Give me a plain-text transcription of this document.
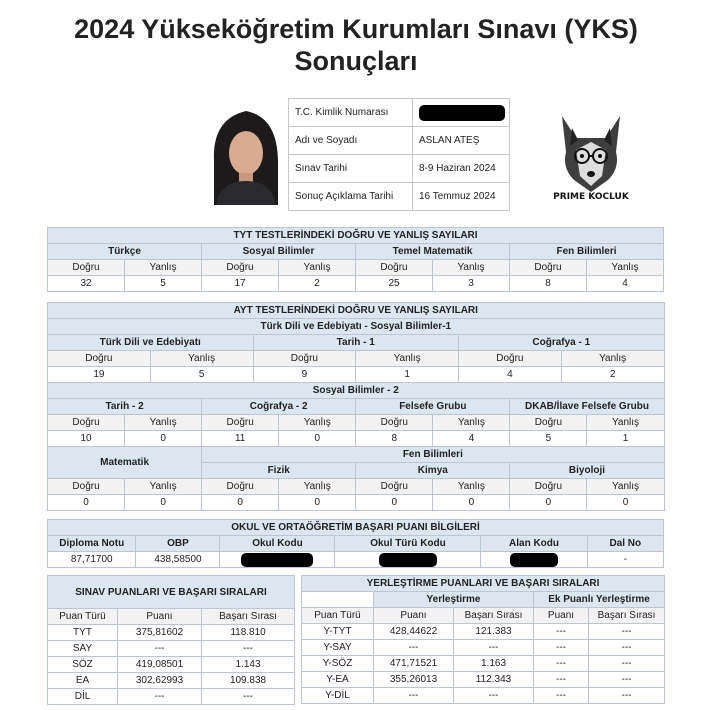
2024 Yükseköğretim Kurumları Sınavı (YKS)
Sonuçları
T.C. Kimlik Numarası	
Adı ve Soyadı	ASLAN ATEŞ
Sınav Tarihi	8-9 Haziran 2024
Sonuç Açıklama Tarihi	16 Temmuz 2024	PRIME KOCLUK
TYT TESTLERİNDEKİ DOĞRU VE YANLIŞ SAYILARI							
Türkçe		Sosyal Bilimler		Temel Matematik		Fen Bilimleri	
Doğru	Yanlış	Doğru	Yanlış	Doğru	Yanlış	Doğru	Yanlış
32	5	17	2	25	3	8	4
AYT TESTLERİNDEKİ DOĞRU VE YANLIŞ SAYILARI											
Türk Dili ve Edebiyatı - Sosyal Bilimler-1											
Türk Dili ve Edebiyatı				Tarih - 1				Coğrafya - 1			
Doğru		Yanlış		Doğru		Yanlış		Doğru		Yanlış	
19		5		9		1		4		2	
Sosyal Bilimler - 2											
Tarih - 2			Coğrafya - 2			Felsefe Grubu			DKAB/İlave Felsefe Grubu		
Doğru	Yanlış		Doğru		Yanlış	Doğru	Yanlış		Doğru		Yanlış
10	0		11		0	8	4		5		1
Matematik			Fen Bilimleri								
			Fizik			Kimya			Biyoloji		
Doğru	Yanlış		Doğru		Yanlış	Doğru	Yanlış		Doğru		Yanlış
0	0		0		0	0	0		0		0
OKUL VE ORTAÖĞRETİM BAŞARI PUANI BİLGİLERİ					
Diploma Notu	OBP	Okul Kodu	Okul Türü Kodu	Alan Kodu	Dal No
87,71700	438,58500				-
SINAV PUANLARI VE BAŞARI SIRALARI		
Puan Türü	Puanı	Başarı Sırası
TYT	375,81602	118.810
SAY	---	---
SÖZ	419,08501	1.143
EA	302,62993	109.838
DİL	---	---
YERLEŞTİRME PUANLARI VE BAŞARI SIRALARI				
	Yerleştirme		Ek Puanlı Yerleştirme	
Puan Türü	Puanı	Başarı Sırası	Puanı	Başarı Sırası
Y-TYT	428,44622	121.383	---	---
Y-SAY	---	---	---	---
Y-SÖZ	471,71521	1.163	---	---
Y-EA	355,26013	112.343	---	---
Y-DİL	---	---	---	---
